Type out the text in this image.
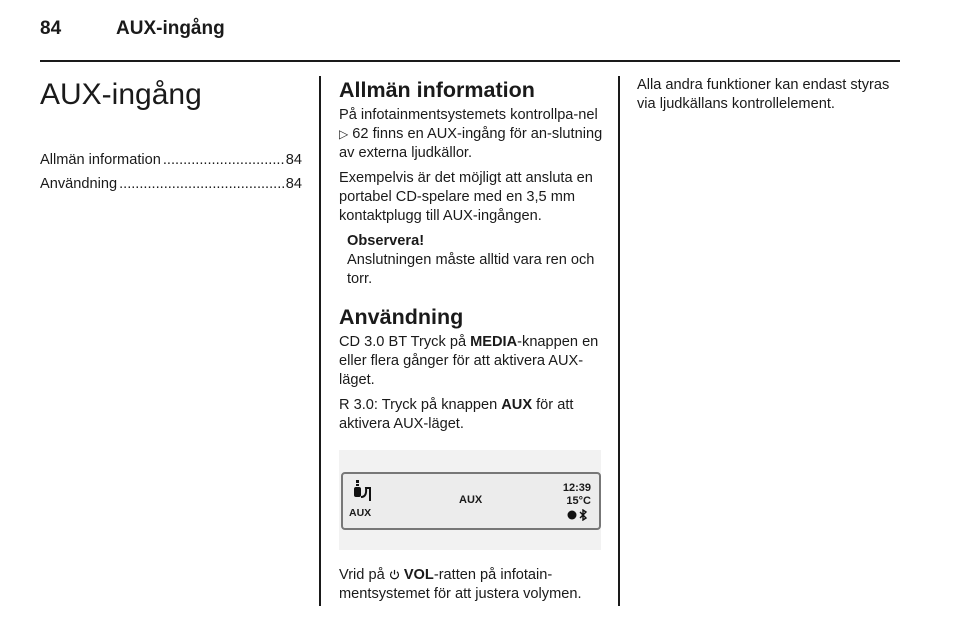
84	AUX-ingång
AUX-ingång
Allmän information .....	84
Användning .....	84
Allmän information

På infotainmentsystemets kontrollpa-nel ▷ 62 finns en AUX-ingång för an-slutning av externa ljudkällor.

Exempelvis är det möjligt att ansluta en portabel CD-spelare med en 3,5 mm kontaktplugg till AUX-ingången.

Observera!

Anslutningen måste alltid vara ren och torr.

Användning

CD 3.0 BT Tryck på MEDIA-knappen en eller flera gånger för att aktivera AUX-läget.

R 3.0: Tryck på knappen AUX för att aktivera AUX-läget.

AUX
AUX
12:39
15°C

Vrid på VOL-ratten på infotain-mentsystemet för att justera volymen.

Alla andra funktioner kan endast styras via ljudkällans kontrollelement.
